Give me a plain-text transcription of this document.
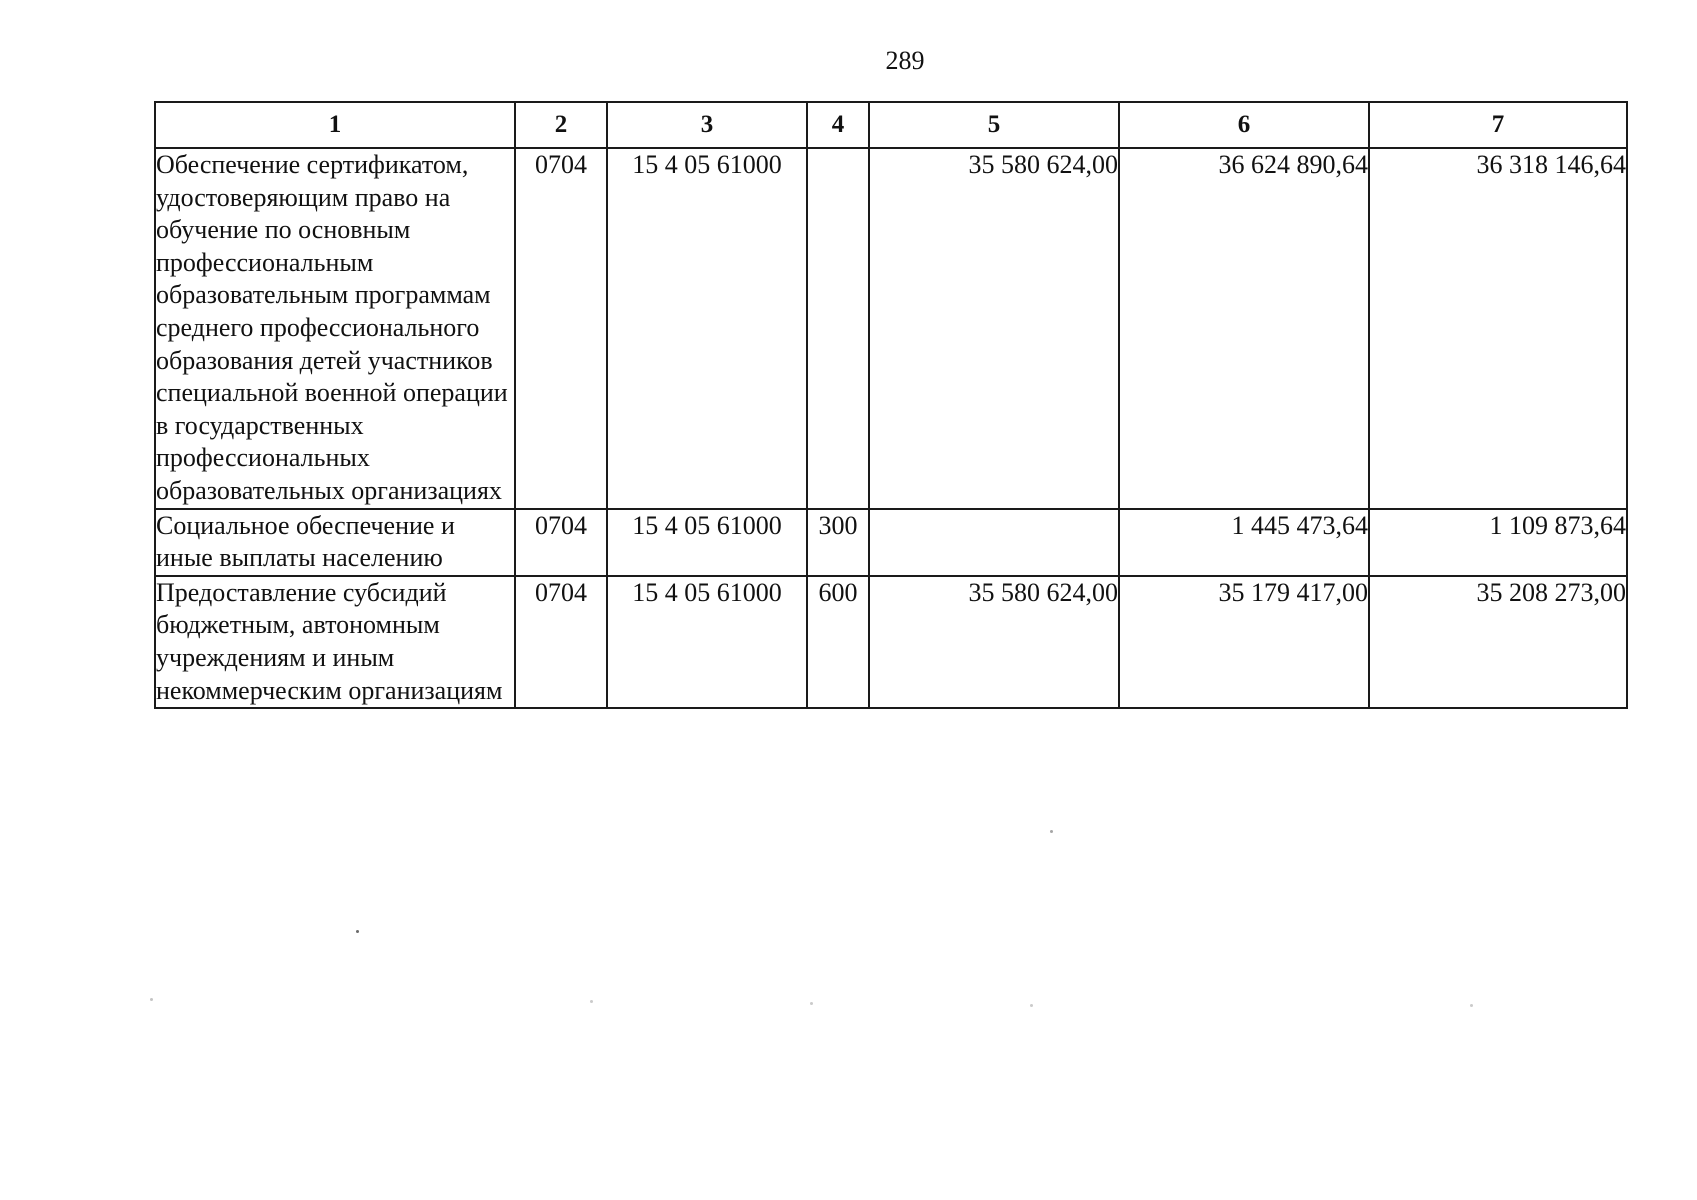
289
1	2	3	4	5	6	7
Обеспечение сертификатом, удостоверяющим право на обучение по основным профессиональным образовательным программам среднего профессионального образования детей участников специальной военной операции в государственных профессиональных образовательных организациях	0704	15 4 05 61000		35 580 624,00	36 624 890,64	36 318 146,64
Социальное обеспечение и иные выплаты населению	0704	15 4 05 61000	300		1 445 473,64	1 109 873,64
Предоставление субсидий бюджетным, автономным учреждениям и иным некоммерческим организациям	0704	15 4 05 61000	600	35 580 624,00	35 179 417,00	35 208 273,00
